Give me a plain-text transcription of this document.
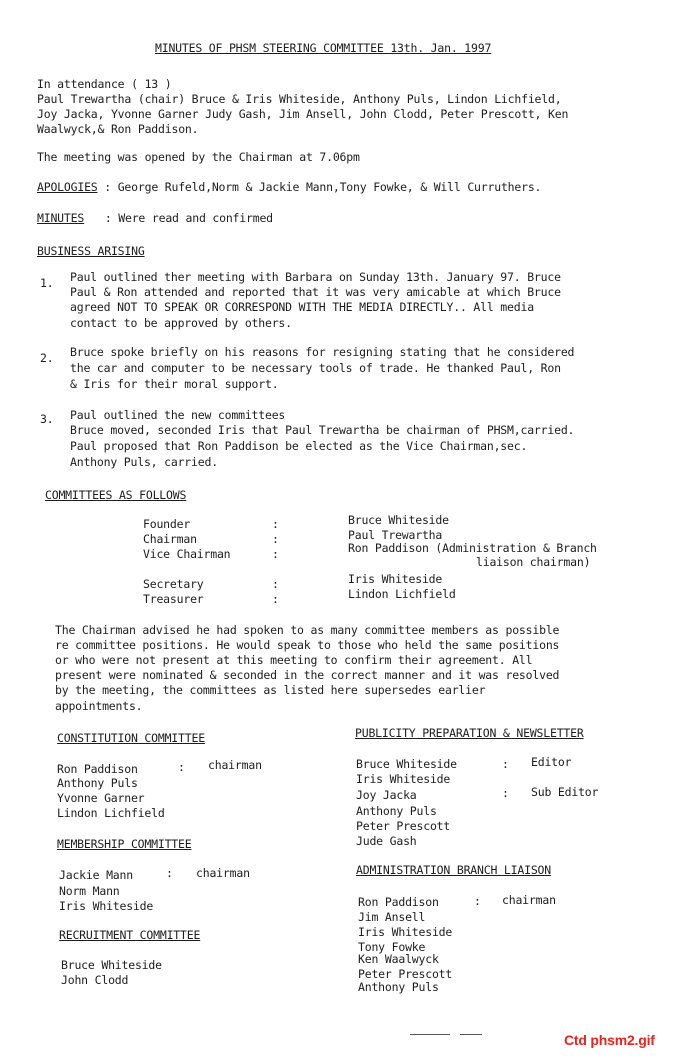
MINUTES OF PHSM STEERING COMMITTEE 13th. Jan. 1997
In attendance ( 13 )
Paul Trewartha (chair) Bruce & Iris Whiteside, Anthony Puls, Lindon Lichfield,
Joy Jacka, Yvonne Garner Judy Gash, Jim Ansell, John Clodd, Peter Prescott, Ken
Waalwyck,& Ron Paddison.
The meeting was opened by the Chairman at 7.06pm
APOLOGIES : George Rufeld,Norm & Jackie Mann,Tony Fowke, & Will Curruthers.
MINUTES : Were read and confirmed
BUSINESS ARISING
1. Paul outlined ther meeting with Barbara on Sunday 13th. January 97. Bruce
Paul & Ron attended and reported that it was very amicable at which Bruce
agreed NOT TO SPEAK OR CORRESPOND WITH THE MEDIA DIRECTLY.. All media
contact to be approved by others.
2. Bruce spoke briefly on his reasons for resigning stating that he considered
the car and computer to be necessary tools of trade. He thanked Paul, Ron
& Iris for their moral support.
3. Paul outlined the new committees
Bruce moved, seconded Iris that Paul Trewartha be chairman of PHSM,carried.
Paul proposed that Ron Paddison be elected as the Vice Chairman,sec.
Anthony Puls, carried.
COMMITTEES AS FOLLOWS
Founder	:	Bruce Whiteside
Chairman	:	Paul Trewartha
Vice Chairman	:	Ron Paddison (Administration & Branch
liaison chairman)
Secretary	:	Iris Whiteside
Treasurer	:	Lindon Lichfield
The Chairman advised he had spoken to as many committee members as possible
re committee positions. He would speak to those who held the same positions
or who were not present at this meeting to confirm their agreement. All
present were nominated & seconded in the correct manner and it was resolved
by the meeting, the committees as listed here supersedes earlier
appointments.
CONSTITUTION COMMITTEE
Ron Paddison	: chairman
Anthony Puls
Yvonne Garner
Lindon Lichfield
MEMBERSHIP COMMITTEE
Jackie Mann	: chairman
Norm Mann
Iris Whiteside
RECRUITMENT COMMITTEE
Bruce Whiteside
John Clodd
PUBLICITY PREPARATION & NEWSLETTER
Bruce Whiteside	: Editor
Iris Whiteside
Joy Jacka	: Sub Editor
Anthony Puls
Peter Prescott
Jude Gash
ADMINISTRATION BRANCH LIAISON
Ron Paddison	: chairman
Jim Ansell
Iris Whiteside
Tony Fowke
Ken Waalwyck
Peter Prescott
Anthony Puls
Ctd phsm2.gif
